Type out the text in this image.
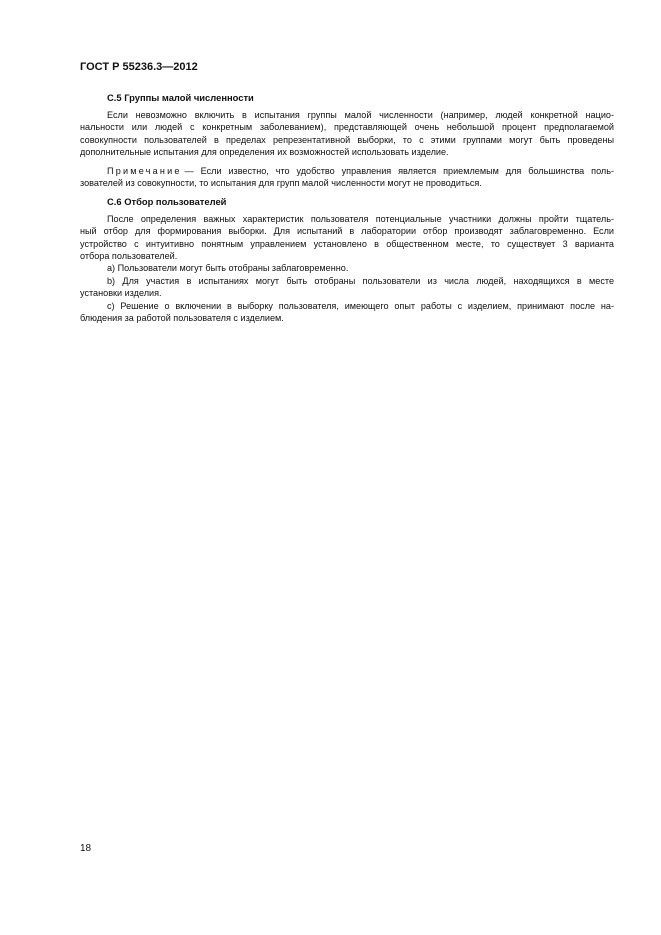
ГОСТ Р 55236.3—2012
С.5 Группы малой численности
Если невозможно включить в испытания группы малой численности (например, людей конкретной нацио-
нальности или людей с конкретным заболеванием), представляющей очень небольшой процент предполагаемой
совокупности пользователей в пределах репрезентативной выборки, то с этими группами могут быть проведены
дополнительные испытания для определения их возможностей использовать изделие.
Примечание — Если известно, что удобство управления является приемлемым для большинства поль-
зователей из совокупности, то испытания для групп малой численности могут не проводиться.
С.6 Отбор пользователей
После определения важных характеристик пользователя потенциальные участники должны пройти тщатель-
ный отбор для формирования выборки. Для испытаний в лаборатории отбор производят заблаговременно. Если
устройство с интуитивно понятным управлением установлено в общественном месте, то существует 3 варианта
отбора пользователей.
a) Пользователи могут быть отобраны заблаговременно.
b) Для участия в испытаниях могут быть отобраны пользователи из числа людей, находящихся в месте
установки изделия.
c) Решение о включении в выборку пользователя, имеющего опыт работы с изделием, принимают после на-
блюдения за работой пользователя с изделием.
18
